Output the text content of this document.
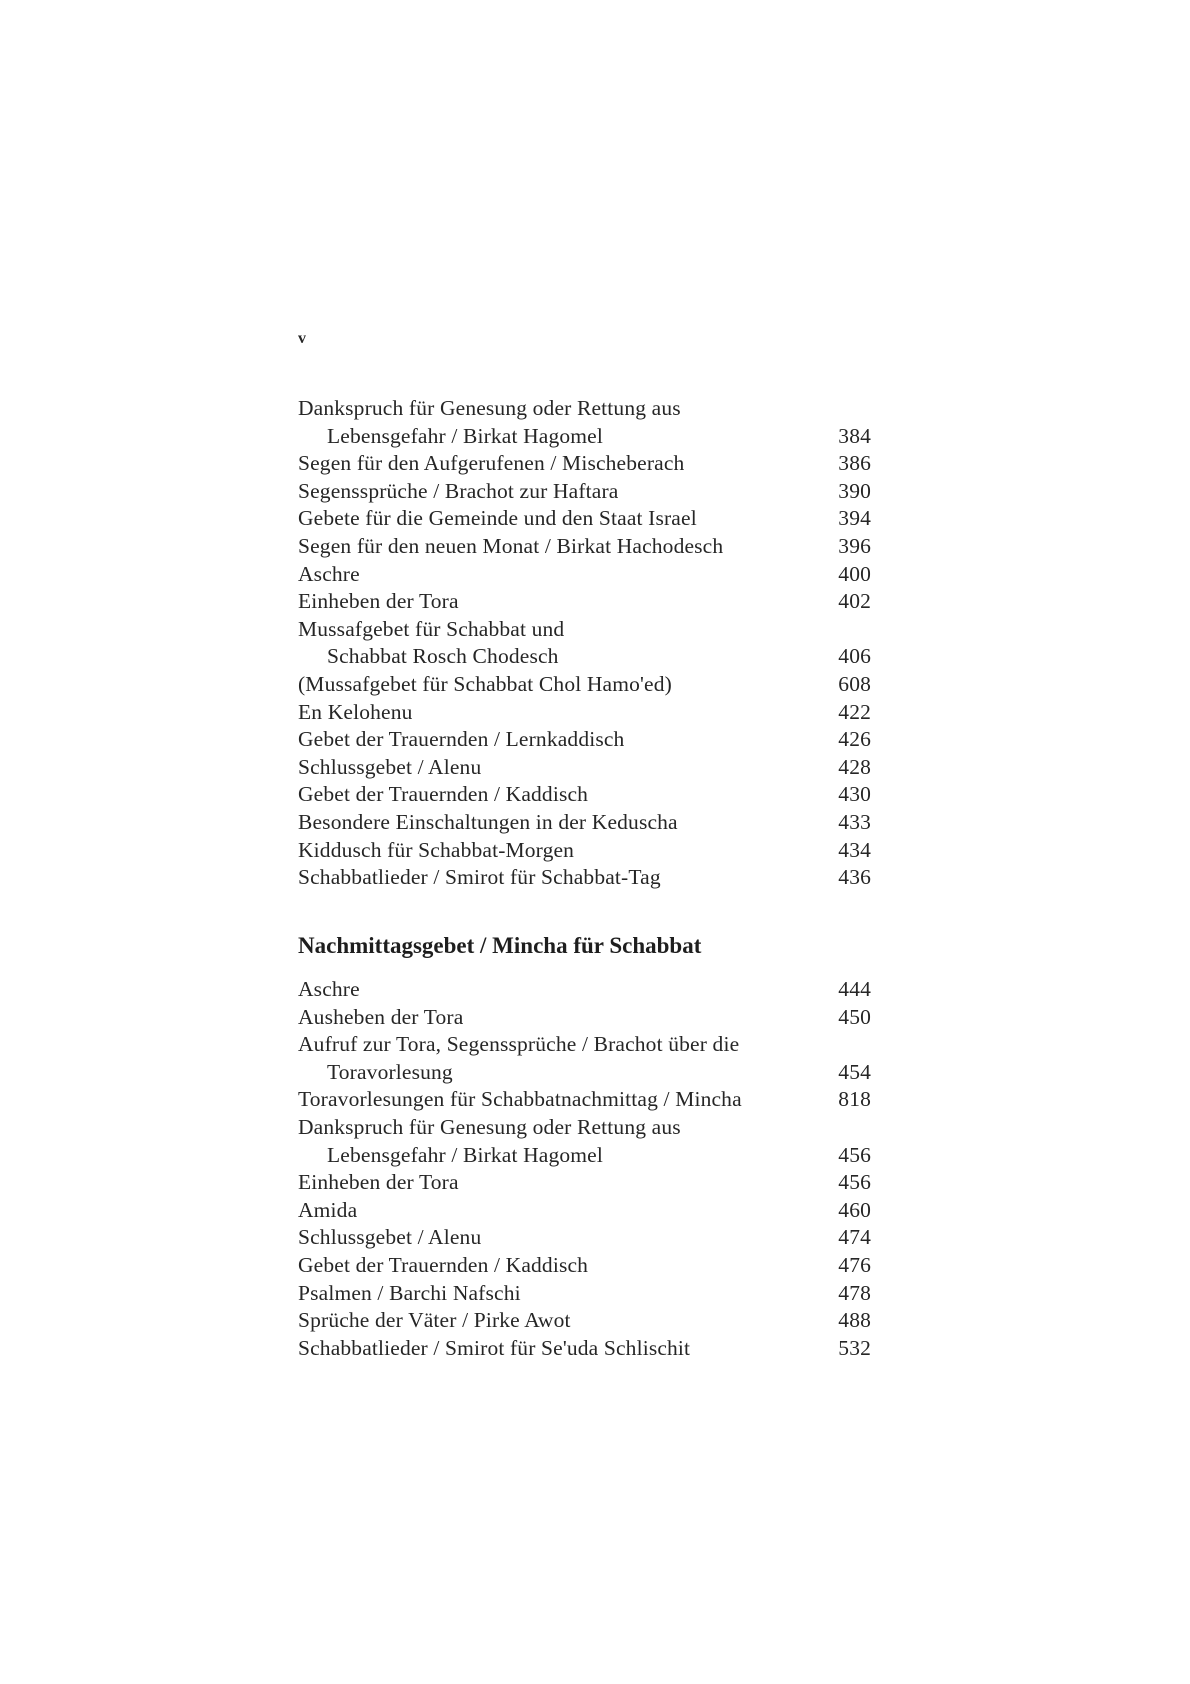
v
Dankspruch für Genesung oder Rettung aus
Lebensgefahr / Birkat Hagomel	384
Segen für den Aufgerufenen / Mischeberach	386
Segenssprüche / Brachot zur Haftara	390
Gebete für die Gemeinde und den Staat Israel	394
Segen für den neuen Monat / Birkat Hachodesch	396
Aschre	400
Einheben der Tora	402
Mussafgebet für Schabbat und
Schabbat Rosch Chodesch	406
(Mussafgebet für Schabbat Chol Hamo'ed)	608
En Kelohenu	422
Gebet der Trauernden / Lernkaddisch	426
Schlussgebet / Alenu	428
Gebet der Trauernden / Kaddisch	430
Besondere Einschaltungen in der Keduscha	433
Kiddusch für Schabbat-Morgen	434
Schabbatlieder / Smirot für Schabbat-Tag	436
Nachmittagsgebet / Mincha für Schabbat
Aschre	444
Ausheben der Tora	450
Aufruf zur Tora, Segenssprüche / Brachot über die
Toravorlesung	454
Toravorlesungen für Schabbatnachmittag / Mincha	818
Dankspruch für Genesung oder Rettung aus
Lebensgefahr / Birkat Hagomel	456
Einheben der Tora	456
Amida	460
Schlussgebet / Alenu	474
Gebet der Trauernden / Kaddisch	476
Psalmen / Barchi Nafschi	478
Sprüche der Väter / Pirke Awot	488
Schabbatlieder / Smirot für Se'uda Schlischit	532
